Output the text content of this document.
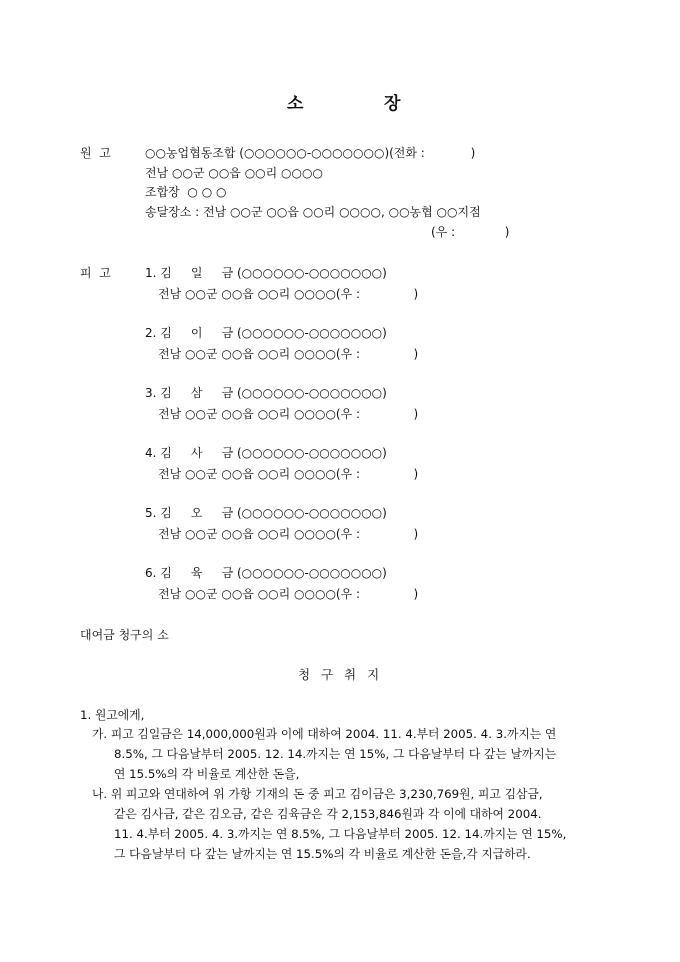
소	장
원  고	○○농업협동조합 (○○○○○○-○○○○○○○)(전화 :            )
전남 ○○군 ○○읍 ○○리 ○○○○
조합장  ○ ○ ○
송달장소 : 전남 ○○군 ○○읍 ○○리 ○○○○, ○○농협 ○○지점
(우 :             )
피  고	1. 김     일     금 (○○○○○○-○○○○○○○)
전남 ○○군 ○○읍 ○○리 ○○○○(우 :              )
2. 김     이     금 (○○○○○○-○○○○○○○)
전남 ○○군 ○○읍 ○○리 ○○○○(우 :              )
3. 김     삼     금 (○○○○○○-○○○○○○○)
전남 ○○군 ○○읍 ○○리 ○○○○(우 :              )
4. 김     사     금 (○○○○○○-○○○○○○○)
전남 ○○군 ○○읍 ○○리 ○○○○(우 :              )
5. 김     오     금 (○○○○○○-○○○○○○○)
전남 ○○군 ○○읍 ○○리 ○○○○(우 :              )
6. 김     육     금 (○○○○○○-○○○○○○○)
전남 ○○군 ○○읍 ○○리 ○○○○(우 :              )
대여금 청구의 소
청  구  취  지
1. 원고에게,
가. 피고 김일금은 14,000,000원과 이에 대하여 2004. 11. 4.부터 2005. 4. 3.까지는 연
8.5%, 그 다음날부터 2005. 12. 14.까지는 연 15%, 그 다음날부터 다 갚는 날까지는
연 15.5%의 각 비율로 계산한 돈을,
나. 위 피고와 연대하여 위 가항 기재의 돈 중 피고 김이금은 3,230,769원, 피고 김삼금,
같은 김사금, 같은 김오금, 같은 김육금은 각 2,153,846원과 각 이에 대하여 2004.
11. 4.부터 2005. 4. 3.까지는 연 8.5%, 그 다음날부터 2005. 12. 14.까지는 연 15%,
그 다음날부터 다 갚는 날까지는 연 15.5%의 각 비율로 계산한 돈을,각 지급하라.
